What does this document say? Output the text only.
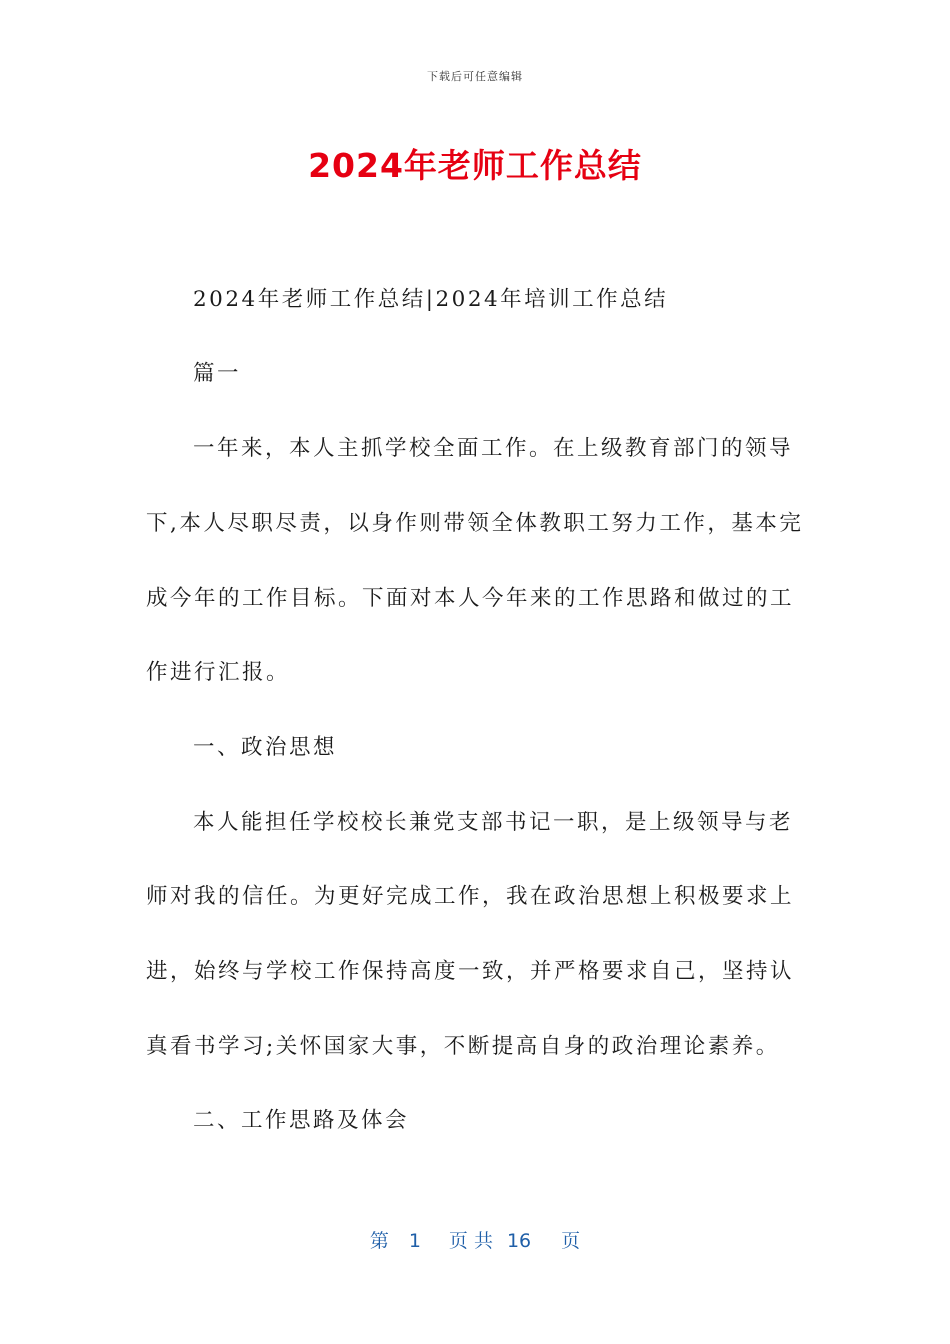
下载后可任意编辑
2024年老师工作总结
2024年老师工作总结|2024年培训工作总结
篇一
一年来，本人主抓学校全面工作。在上级教育部门的领导
下,本人尽职尽责，以身作则带领全体教职工努力工作，基本完
成今年的工作目标。下面对本人今年来的工作思路和做过的工
作进行汇报。
一、政治思想
本人能担任学校校长兼党支部书记一职，是上级领导与老
师对我的信任。为更好完成工作，我在政治思想上积极要求上
进，始终与学校工作保持高度一致，并严格要求自己，坚持认
真看书学习;关怀国家大事，不断提高自身的政治理论素养。
二、工作思路及体会
第 1 页 共 16 页
